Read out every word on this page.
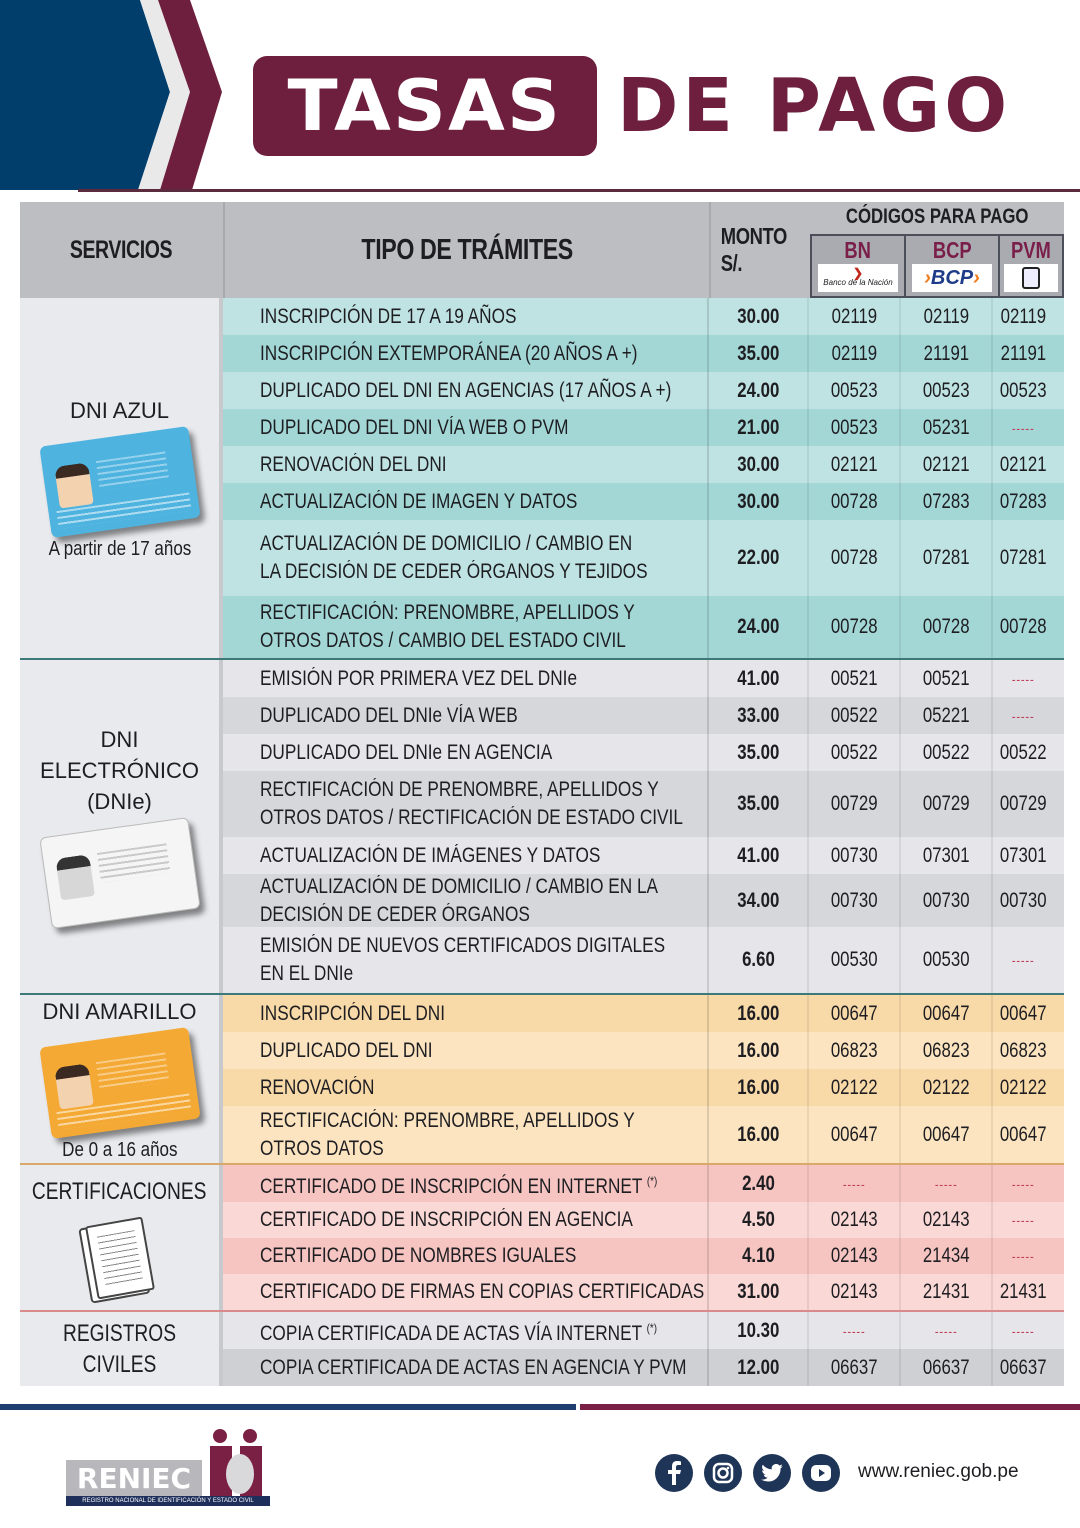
TASAS DE PAGO
SERVICIOS	TIPO DE TRÁMITES	MONTO S/.
CÓDIGOS PARA PAGO
BN
❯
Banco de la Nación
BCP
›BCP›
PVM
DNI AZUL
A partir de 17 años
INSCRIPCIÓN DE 17 A 19 AÑOS	30.00 02119 02119 02119
INSCRIPCIÓN EXTEMPORÁNEA (20 AÑOS A +)	35.00 02119 21191 21191
DUPLICADO DEL DNI EN AGENCIAS (17 AÑOS A +)	24.00 00523 00523 00523
DUPLICADO DEL DNI VÍA WEB O PVM	21.00 00523 05231	-----
RENOVACIÓN DEL DNI	30.00 02121 02121 02121
ACTUALIZACIÓN DE IMAGEN Y DATOS	30.00 00728 07283 07283
ACTUALIZACIÓN DE DOMICILIO / CAMBIO EN
LA DECISIÓN DE CEDER ÓRGANOS Y TEJIDOS
22.00 00728 07281 07281
RECTIFICACIÓN: PRENOMBRE, APELLIDOS Y
OTROS DATOS / CAMBIO DEL ESTADO CIVIL
24.00 00728 00728 00728
DNI
ELECTRÓNICO
(DNIe)
EMISIÓN POR PRIMERA VEZ DEL DNIe	41.00 00521 00521	-----
DUPLICADO DEL DNIe VÍA WEB	33.00 00522 05221	-----
DUPLICADO DEL DNIe EN AGENCIA	35.00 00522 00522 00522
RECTIFICACIÓN DE PRENOMBRE, APELLIDOS Y
OTROS DATOS / RECTIFICACIÓN DE ESTADO CIVIL
35.00 00729 00729 00729
ACTUALIZACIÓN DE IMÁGENES Y DATOS	41.00 00730 07301 07301
ACTUALIZACIÓN DE DOMICILIO / CAMBIO EN LA
DECISIÓN DE CEDER ÓRGANOS
34.00 00730 00730 00730
EMISIÓN DE NUEVOS CERTIFICADOS DIGITALES
EN EL DNIe
6.60	00530 00530	-----
DNI AMARILLO
De 0 a 16 años
INSCRIPCIÓN DEL DNI	16.00 00647 00647 00647
DUPLICADO DEL DNI	16.00 06823 06823 06823
RENOVACIÓN	16.00 02122 02122 02122
RECTIFICACIÓN: PRENOMBRE, APELLIDOS Y
OTROS DATOS
16.00 00647 00647 00647
CERTIFICACIONES	CERTIFICADO DE INSCRIPCIÓN EN INTERNET (*)	2.40	-----	-----	-----
CERTIFICADO DE INSCRIPCIÓN EN AGENCIA	4.50	02143 02143	-----
CERTIFICADO DE NOMBRES IGUALES	4.10	02143 21434	-----
CERTIFICADO DE FIRMAS EN COPIAS CERTIFICADAS 31.00 02143 21431 21431
REGISTROS CIVILES
COPIA CERTIFICADA DE ACTAS VÍA INTERNET (*)	10.30	-----	-----	-----
COPIA CERTIFICADA DE ACTAS EN AGENCIA Y PVM	12.00 06637 06637 06637
RENIEC
REGISTRO NACIONAL DE IDENTIFICACIÓN Y ESTADO CIVIL
www.reniec.gob.pe
